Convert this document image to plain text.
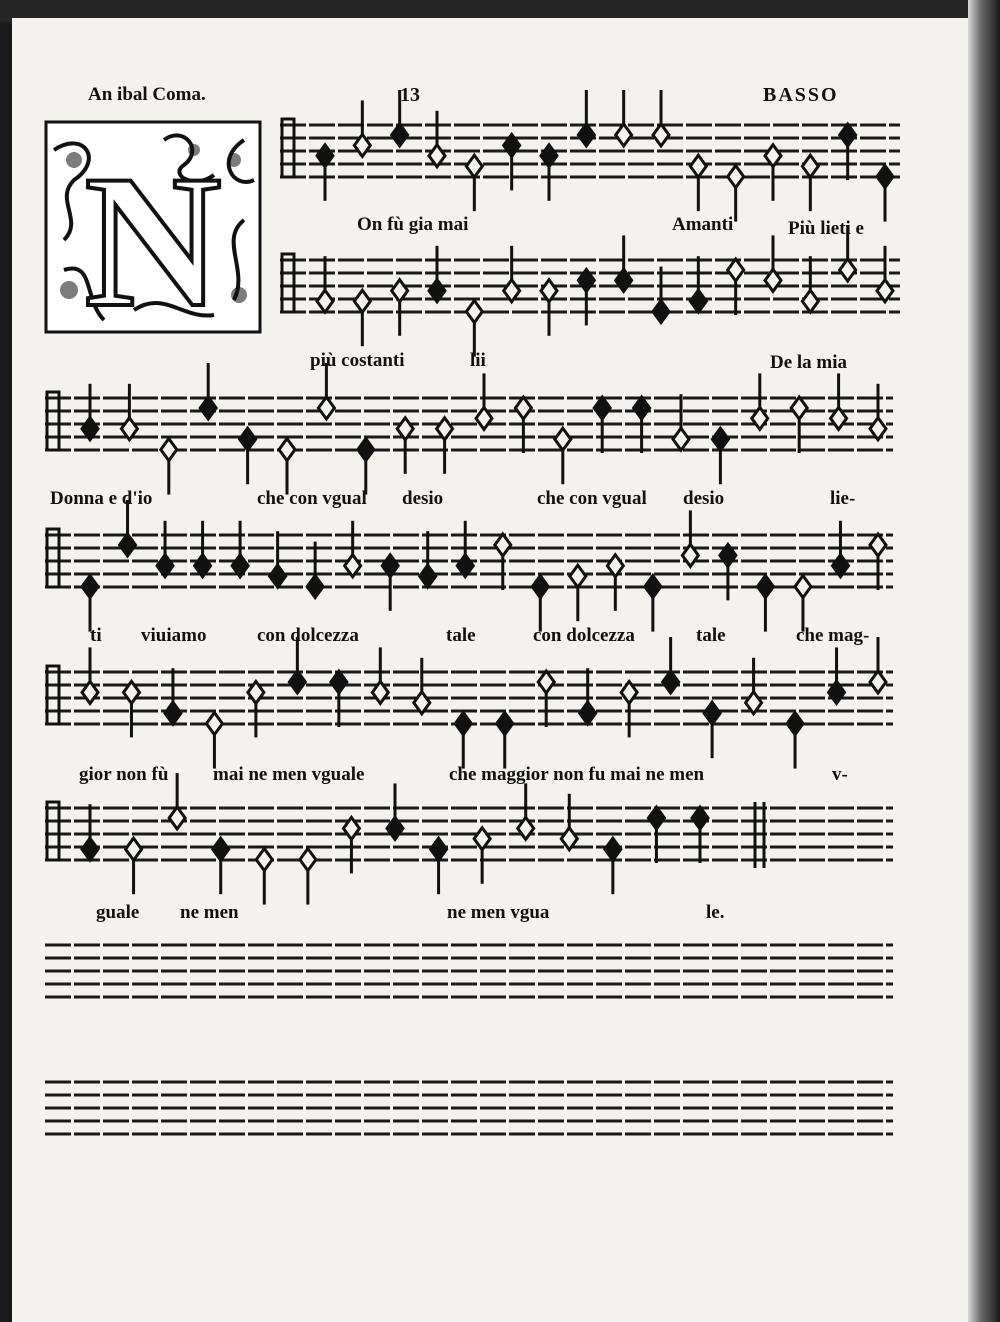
An ibal Coma.	13	BASSO
N	On fù gia mai	Amanti	Più lieti e
più costanti	lii	De la mia
Donna e d'io	che con vgual desio	che con vgual desio	lie-
ti viuiamo	con dolcezza	tale	con dolcezza	tale	che mag-
gior non fù mai ne men vguale	che maggior non fu mai ne men	v-
guale ne men	ne men vgua	le.
